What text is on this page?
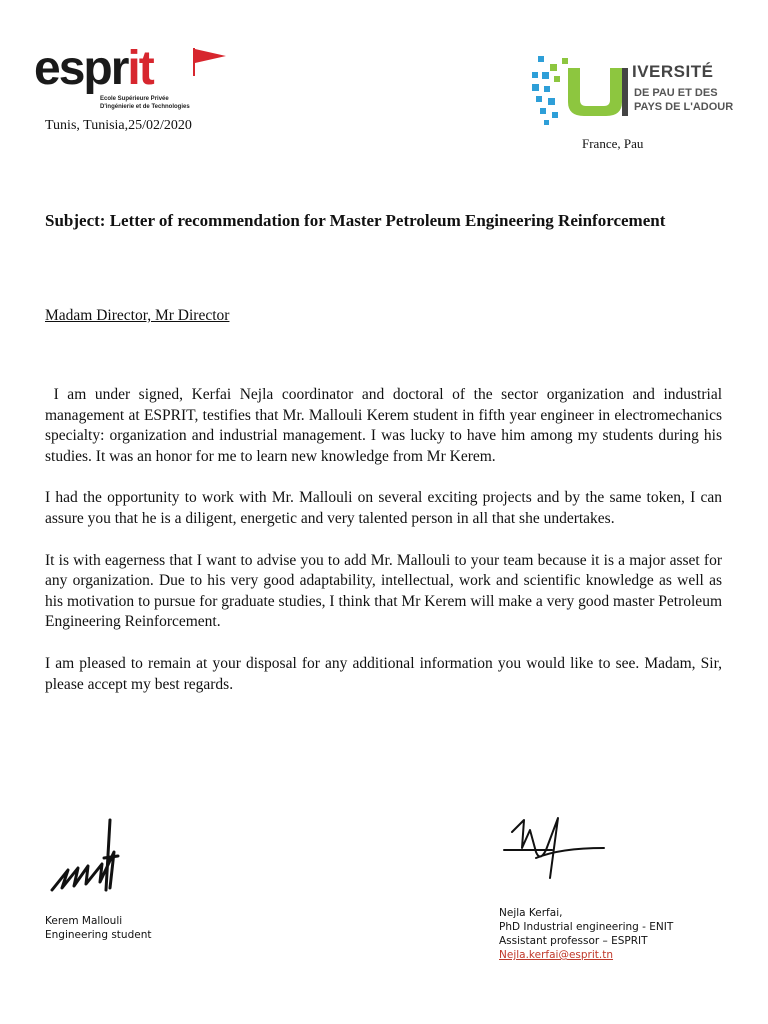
esprit
Ecole Supérieure Privée
D'ingénierie et de Technologies
IVERSITÉ
DE PAU ET DES
PAYS DE L'ADOUR
Tunis, Tunisia,25/02/2020
France, Pau
Subject: Letter of recommendation for Master Petroleum Engineering Reinforcement
Madam Director, Mr Director

I am under signed, Kerfai Nejla coordinator and doctoral of the sector organization and industrial management at ESPRIT, testifies that Mr. Mallouli Kerem student in fifth year engineer in electromechanics specialty: organization and industrial management. I was lucky to have him among my students during his studies. It was an honor for me to learn new knowledge from Mr Kerem.

I had the opportunity to work with Mr. Mallouli on several exciting projects and by the same token, I can assure you that he is a diligent, energetic and very talented person in all that she undertakes.

It is with eagerness that I want to advise you to add Mr. Mallouli to your team because it is a major asset for any organization. Due to his very good adaptability, intellectual, work and scientific knowledge as well as his motivation to pursue for graduate studies, I think that Mr Kerem will make a very good master Petroleum Engineering Reinforcement.

I am pleased to remain at your disposal for any additional information you would like to see. Madam, Sir, please accept my best regards.

Kerem Mallouli
Engineering student
Nejla Kerfai,
PhD Industrial engineering - ENIT
Assistant professor – ESPRIT
Nejla.kerfai@esprit.tn
